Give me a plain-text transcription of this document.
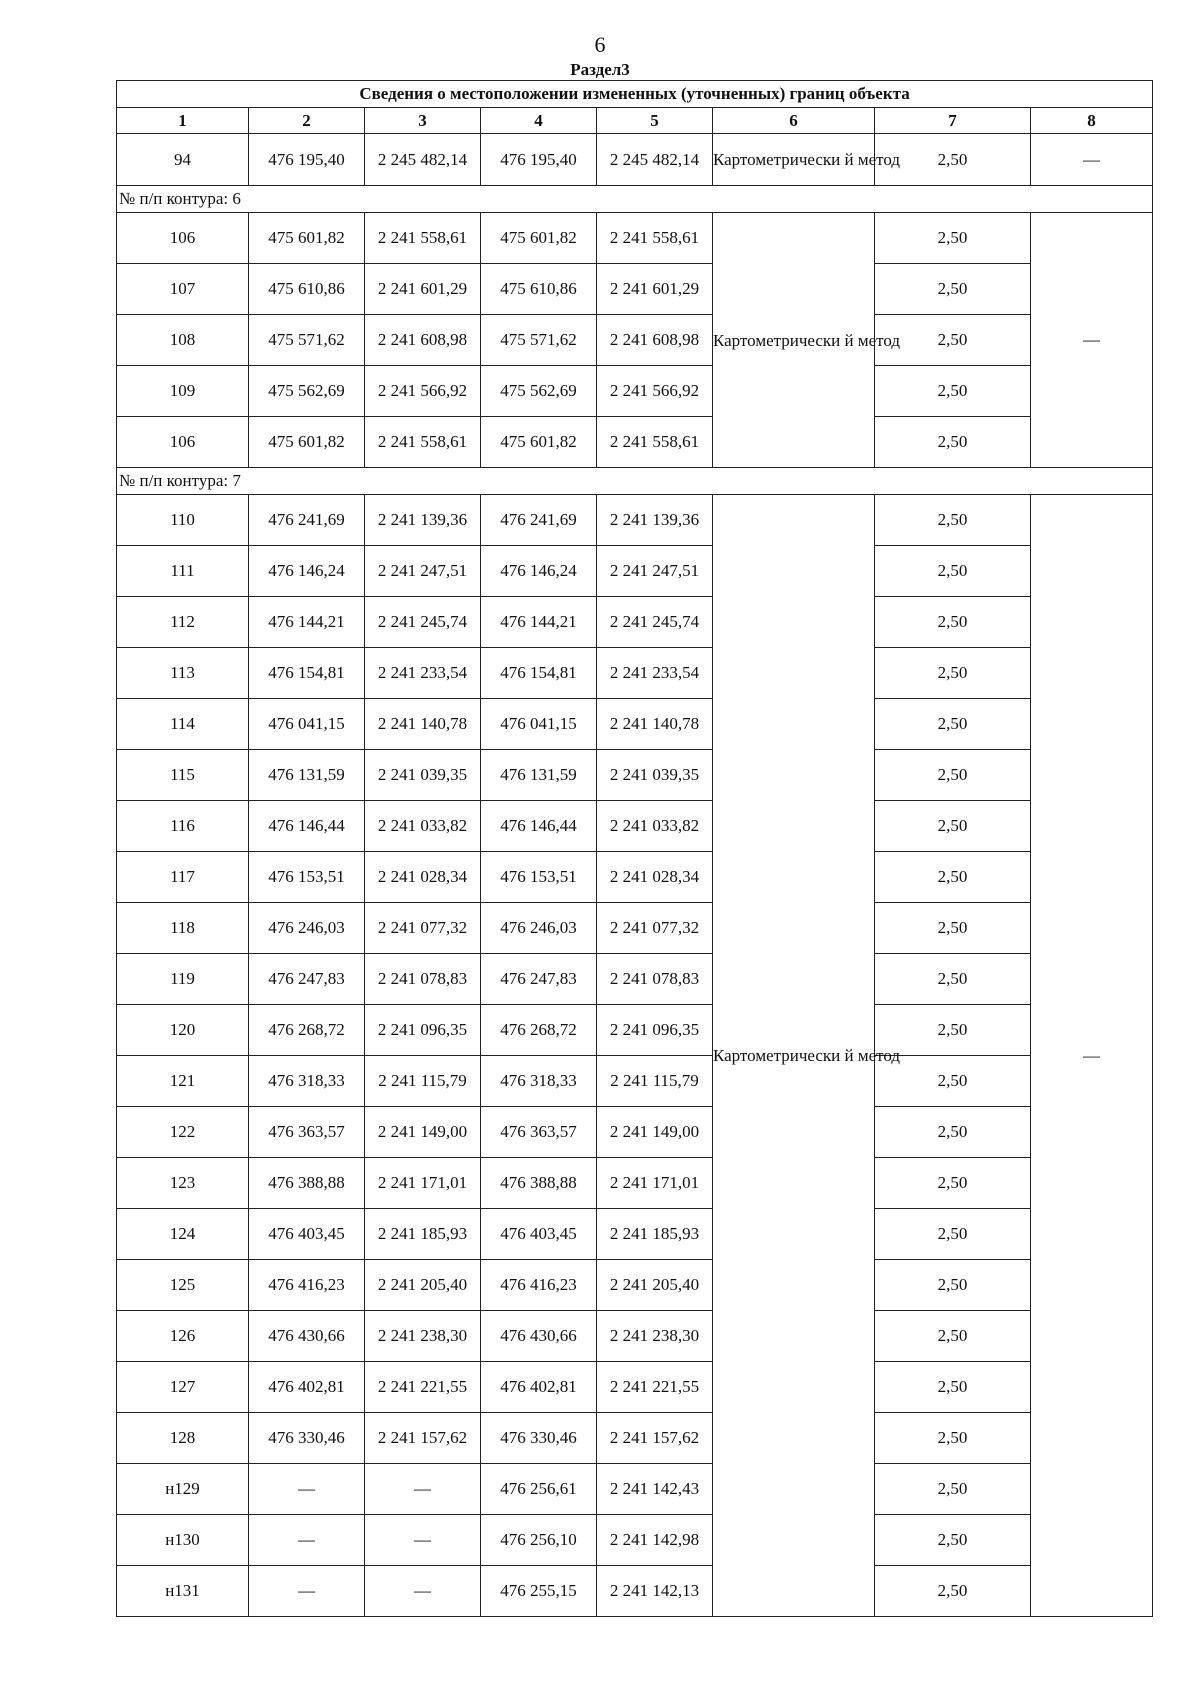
6
Раздел3
Сведения о местоположении измененных (уточненных) границ объекта							
1	2	3	4	5	6	7	8
94	476 195,40	2 245 482,14	476 195,40	2 245 482,14	Картометрически й метод	2,50	—
№ п/п контура: 6							
106	475 601,82	2 241 558,61	475 601,82	2 241 558,61	Картометрически й метод	2,50	—
107	475 610,86	2 241 601,29	475 610,86	2 241 601,29		2,50	
108	475 571,62	2 241 608,98	475 571,62	2 241 608,98		2,50	
109	475 562,69	2 241 566,92	475 562,69	2 241 566,92		2,50	
106	475 601,82	2 241 558,61	475 601,82	2 241 558,61		2,50	
№ п/п контура: 7							
110	476 241,69	2 241 139,36	476 241,69	2 241 139,36	Картометрически й метод	2,50	—
111	476 146,24	2 241 247,51	476 146,24	2 241 247,51		2,50	
112	476 144,21	2 241 245,74	476 144,21	2 241 245,74		2,50	
113	476 154,81	2 241 233,54	476 154,81	2 241 233,54		2,50	
114	476 041,15	2 241 140,78	476 041,15	2 241 140,78		2,50	
115	476 131,59	2 241 039,35	476 131,59	2 241 039,35		2,50	
116	476 146,44	2 241 033,82	476 146,44	2 241 033,82		2,50	
117	476 153,51	2 241 028,34	476 153,51	2 241 028,34		2,50	
118	476 246,03	2 241 077,32	476 246,03	2 241 077,32		2,50	
119	476 247,83	2 241 078,83	476 247,83	2 241 078,83		2,50	
120	476 268,72	2 241 096,35	476 268,72	2 241 096,35		2,50	
121	476 318,33	2 241 115,79	476 318,33	2 241 115,79		2,50	
122	476 363,57	2 241 149,00	476 363,57	2 241 149,00		2,50	
123	476 388,88	2 241 171,01	476 388,88	2 241 171,01		2,50	
124	476 403,45	2 241 185,93	476 403,45	2 241 185,93		2,50	
125	476 416,23	2 241 205,40	476 416,23	2 241 205,40		2,50	
126	476 430,66	2 241 238,30	476 430,66	2 241 238,30		2,50	
127	476 402,81	2 241 221,55	476 402,81	2 241 221,55		2,50	
128	476 330,46	2 241 157,62	476 330,46	2 241 157,62		2,50	
н129	—	—	476 256,61	2 241 142,43		2,50	
н130	—	—	476 256,10	2 241 142,98		2,50	
н131	—	—	476 255,15	2 241 142,13		2,50	
